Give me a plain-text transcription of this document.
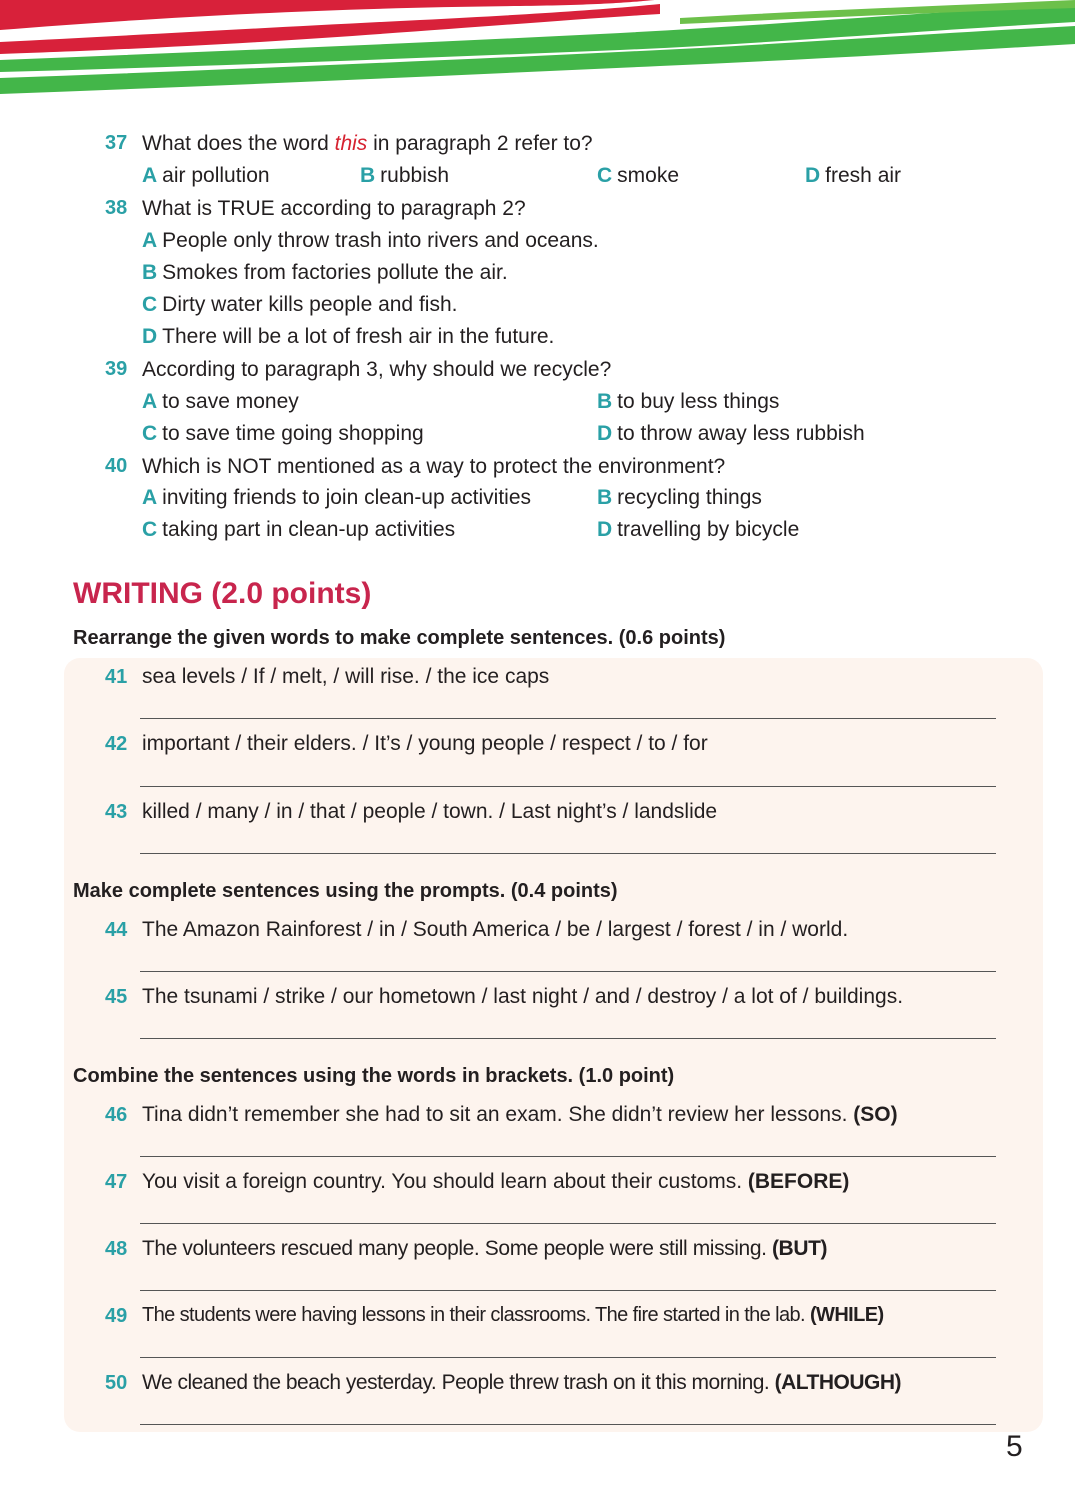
37 What does the word this in paragraph 2 refer to?
A air pollution	B rubbish	C smoke	D fresh air
38 What is TRUE according to paragraph 2?
A People only throw trash into rivers and oceans.
B Smokes from factories pollute the air.
C Dirty water kills people and fish.
D There will be a lot of fresh air in the future.
39 According to paragraph 3, why should we recycle?
A to save money	B to buy less things
C to save time going shopping	D to throw away less rubbish
40 Which is NOT mentioned as a way to protect the environment?
A inviting friends to join clean-up activities	B recycling things
C taking part in clean-up activities	D travelling by bicycle
WRITING (2.0 points)
Rearrange the given words to make complete sentences. (0.6 points)
41 sea levels / If / melt, / will rise. / the ice caps
42 important / their elders. / It’s / young people / respect / to / for
43 killed / many / in / that / people / town. / Last night’s / landslide
Make complete sentences using the prompts. (0.4 points)
44 The Amazon Rainforest / in / South America / be / largest / forest / in / world.
45 The tsunami / strike / our hometown / last night / and / destroy / a lot of / buildings.
Combine the sentences using the words in brackets. (1.0 point)
46 Tina didn’t remember she had to sit an exam. She didn’t review her lessons. (SO)
47 You visit a foreign country. You should learn about their customs. (BEFORE)
48 The volunteers rescued many people. Some people were still missing. (BUT)
49 The students were having lessons in their classrooms. The fire started in the lab. (WHILE)
50 We cleaned the beach yesterday. People threw trash on it this morning. (ALTHOUGH)
5
